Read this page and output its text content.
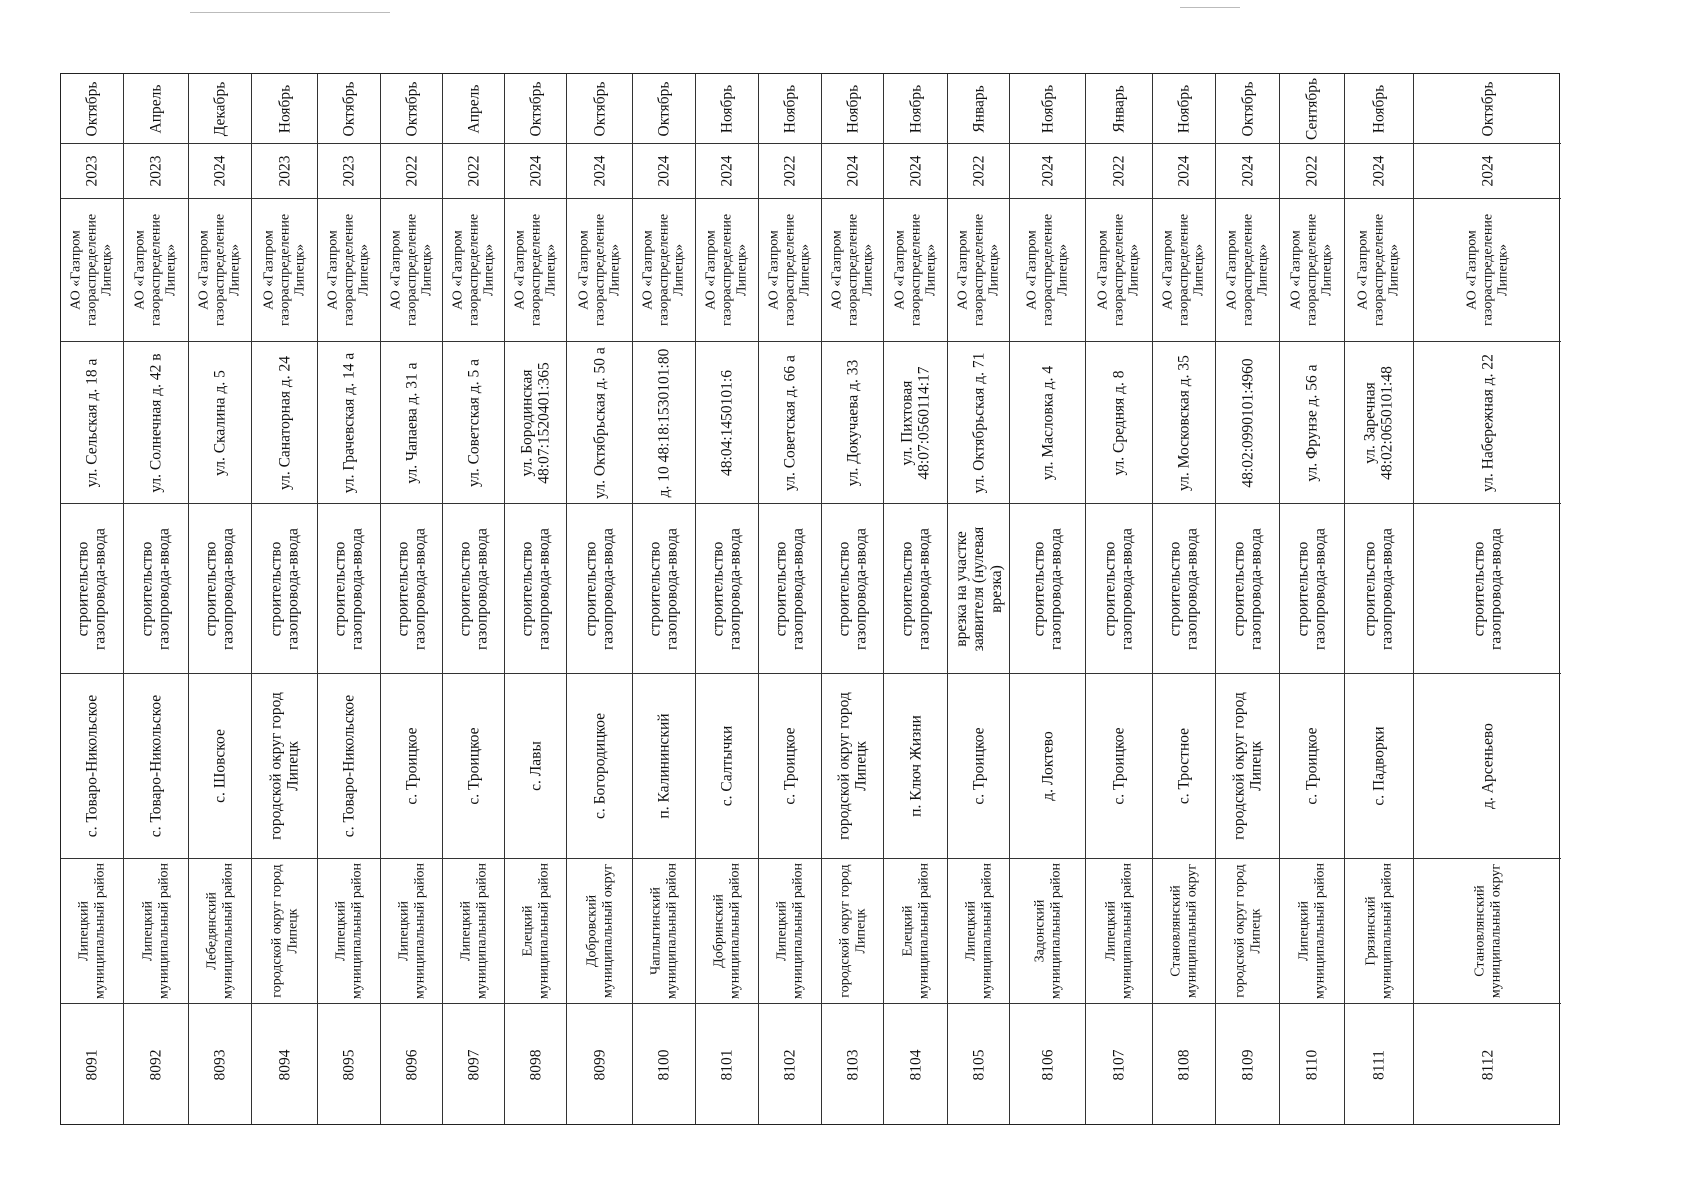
8091
Липецкий муниципальный район
с. Товаро-Никольское
строительство газопровода-ввода
ул. Сельская д. 18 а
АО «Газпром газораспределение Липецк»
2023
Октябрь
8092
Липецкий муниципальный район
с. Товаро-Никольское
строительство газопровода-ввода
ул. Солнечная д. 42 в
АО «Газпром газораспределение Липецк»
2023
Апрель
8093
Лебедянский муниципальный район
с. Шовское
строительство газопровода-ввода
ул. Скалина д. 5
АО «Газпром газораспределение Липецк»
2024
Декабрь
8094
городской округ город Липецк
городской округ город Липецк
строительство газопровода-ввода
ул. Санаторная д. 24
АО «Газпром газораспределение Липецк»
2023
Ноябрь
8095
Липецкий муниципальный район
с. Товаро-Никольское
строительство газопровода-ввода
ул. Грачевская д. 14 а
АО «Газпром газораспределение Липецк»
2023
Октябрь
8096
Липецкий муниципальный район
с. Троицкое
строительство газопровода-ввода
ул. Чапаева д. 31 а
АО «Газпром газораспределение Липецк»
2022
Октябрь
8097
Липецкий муниципальный район
с. Троицкое
строительство газопровода-ввода
ул. Советская д. 5 а
АО «Газпром газораспределение Липецк»
2022
Апрель
8098
Елецкий муниципальный район
с. Лавы
строительство газопровода-ввода
ул. Бородинская 48:07:1520401:365
АО «Газпром газораспределение Липецк»
2024
Октябрь
8099
Добровский муниципальный округ
с. Богородицкое
строительство газопровода-ввода
ул. Октябрьская д. 50 а
АО «Газпром газораспределение Липецк»
2024
Октябрь
8100
Чаплыгинский муниципальный район
п. Калининский
строительство газопровода-ввода
д. 10 48:18:1530101:80
АО «Газпром газораспределение Липецк»
2024
Октябрь
8101
Добринский муниципальный район
с. Салтычки
строительство газопровода-ввода
48:04:1450101:6
АО «Газпром газораспределение Липецк»
2024
Ноябрь
8102
Липецкий муниципальный район
с. Троицкое
строительство газопровода-ввода
ул. Советская д. 66 а
АО «Газпром газораспределение Липецк»
2022
Ноябрь
8103
городской округ город Липецк
городской округ город Липецк
строительство газопровода-ввода
ул. Докучаева д. 33
АО «Газпром газораспределение Липецк»
2024
Ноябрь
8104
Елецкий муниципальный район
п. Ключ Жизни
строительство газопровода-ввода
ул. Пихтовая 48:07:0560114:17
АО «Газпром газораспределение Липецк»
2024
Ноябрь
8105
Липецкий муниципальный район
с. Троицкое
врезка на участке заявителя (нулевая врезка)
ул. Октябрьская д. 71
АО «Газпром газораспределение Липецк»
2022
Январь
8106
Задонский муниципальный район
д. Локтево
строительство газопровода-ввода
ул. Масловка д. 4
АО «Газпром газораспределение Липецк»
2024
Ноябрь
8107
Липецкий муниципальный район
с. Троицкое
строительство газопровода-ввода
ул. Средняя д. 8
АО «Газпром газораспределение Липецк»
2022
Январь
8108
Становлянский муниципальный округ
с. Тростное
строительство газопровода-ввода
ул. Московская д. 35
АО «Газпром газораспределение Липецк»
2024
Ноябрь
8109
городской округ город Липецк
городской округ город Липецк
строительство газопровода-ввода
48:02:0990101:4960
АО «Газпром газораспределение Липецк»
2024
Октябрь
8110
Липецкий муниципальный район
с. Троицкое
строительство газопровода-ввода
ул. Фрунзе д. 56 а
АО «Газпром газораспределение Липецк»
2022
Сентябрь
8111
Грязинский муниципальный район
с. Падворки
строительство газопровода-ввода
ул. Заречная 48:02:0650101:48
АО «Газпром газораспределение Липецк»
2024
Ноябрь
8112
Становлянский муниципальный округ
д. Арсеньево
строительство газопровода-ввода
ул. Набережная д. 22
АО «Газпром газораспределение Липецк»
2024
Октябрь
